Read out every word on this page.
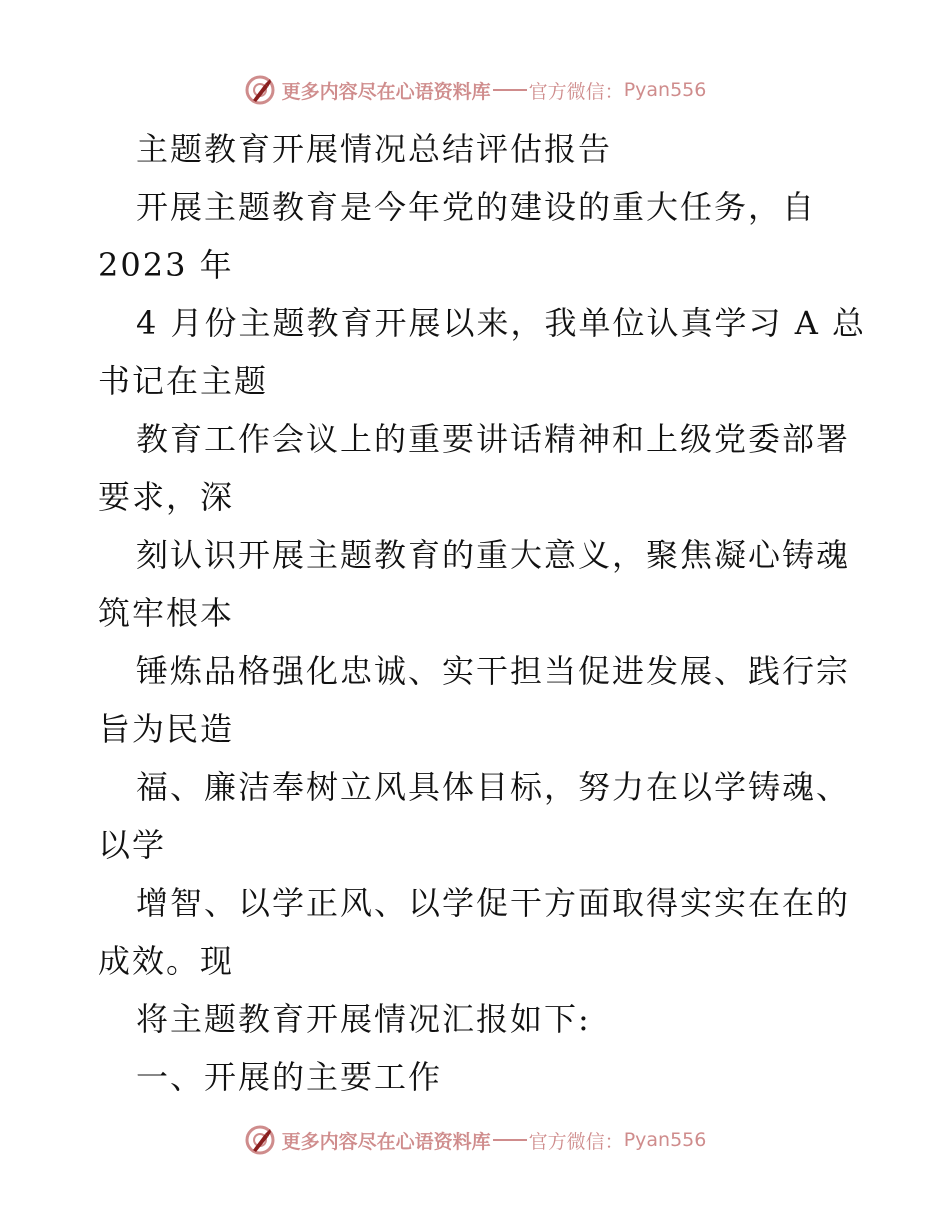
更多内容尽在心语资料库 官方微信： Pyan556
主题教育开展情况总结评估报告
开展主题教育是今年党的建设的重大任务，自
2023 年
4 月份主题教育开展以来，我单位认真学习 A 总
书记在主题
教育工作会议上的重要讲话精神和上级党委部署
要求，深
刻认识开展主题教育的重大意义，聚焦凝心铸魂
筑牢根本
锤炼品格强化忠诚、实干担当促进发展、践行宗
旨为民造
福、廉洁奉树立风具体目标，努力在以学铸魂、
以学
增智、以学正风、以学促干方面取得实实在在的
成效。现
将主题教育开展情况汇报如下:
一、开展的主要工作
更多内容尽在心语资料库 官方微信： Pyan556
